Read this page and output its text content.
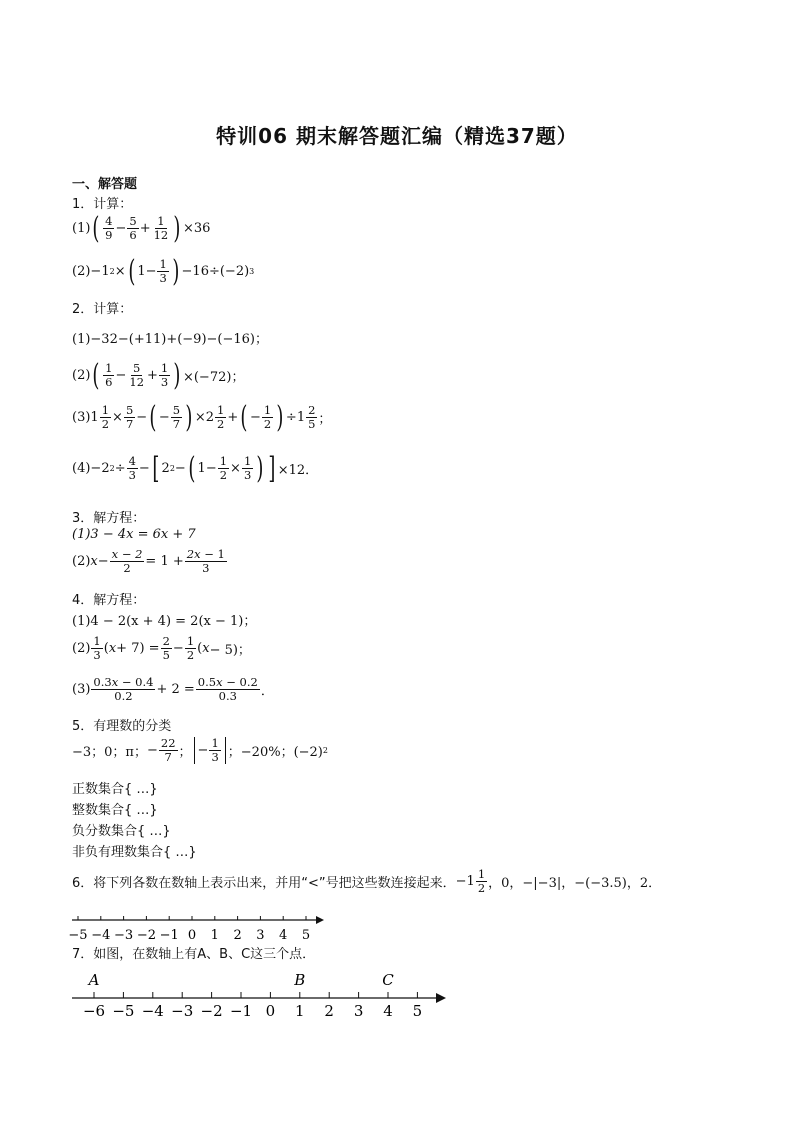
特训06 期末解答题汇编（精选37题）
一、解答题
1．计算：
(1) ( $\frac{4}{9} - \frac{5}{6} + \frac{1}{12}$ ) ×36
(2) −1 2 × ( $1- \frac{1}{3}$ ) −16÷(−2) 3
2．计算：
(1)−32−(+11)+(−9)−(−16)；
(2) ( $\frac{1}{6} - \frac{5}{12} + \frac{1}{3}$ ) ×(−72)；
(3) $1 \frac{1}{2} \times \frac{5}{7}$ − ( − $\frac{5}{7}$ ) $\times 2 \frac{1}{2}$ + ( − $\frac{1}{2}$ ) $\div 1 \frac{2}{5}$ ；
(4) −2 $2 \div \frac{4}{3}$ − [ 2 2 − ( $1- \frac{1}{2} \times \frac{1}{3}$ ) ] ×12．
3．解方程：
(1)3 − 4x = 6x + 7
(2) $x - \frac{x - 2}{2} = 1 + \frac{2x - 1}{3}$
4．解方程：
(1)4 − 2(x + 4) = 2(x − 1)；
$(2) \frac{1}{3}$ ( $x + 7) = \frac{2}{5} - \frac{1}{2}$ ( x − 5)；
$(3) \frac{0.3x - 0.4}{0.2} + 2 = \frac{0.5x - 0.2}{0.3}$ ．
5．有理数的分类
−3；0；π； − $\frac{22}{7}$ ； − $\frac{1}{3}$ ；−20%；(−2) 2
正数集合{ …}
整数集合{ …}
负分数集合{ …}
非负有理数集合{ …}
6．将下列各数在数轴上表示出来，并用“<”号把这些数连接起来． $-1 \frac{1}{2}$ ，0，−|−3|，−(−3.5)，2．
−5 −4 −3 −2 −1 0 1 2 3 4 5
7．如图，在数轴上有A、B、C这三个点．
−6 −5 −4 −3 −2 −1 0 1 2 3 4 5
A	B	C
